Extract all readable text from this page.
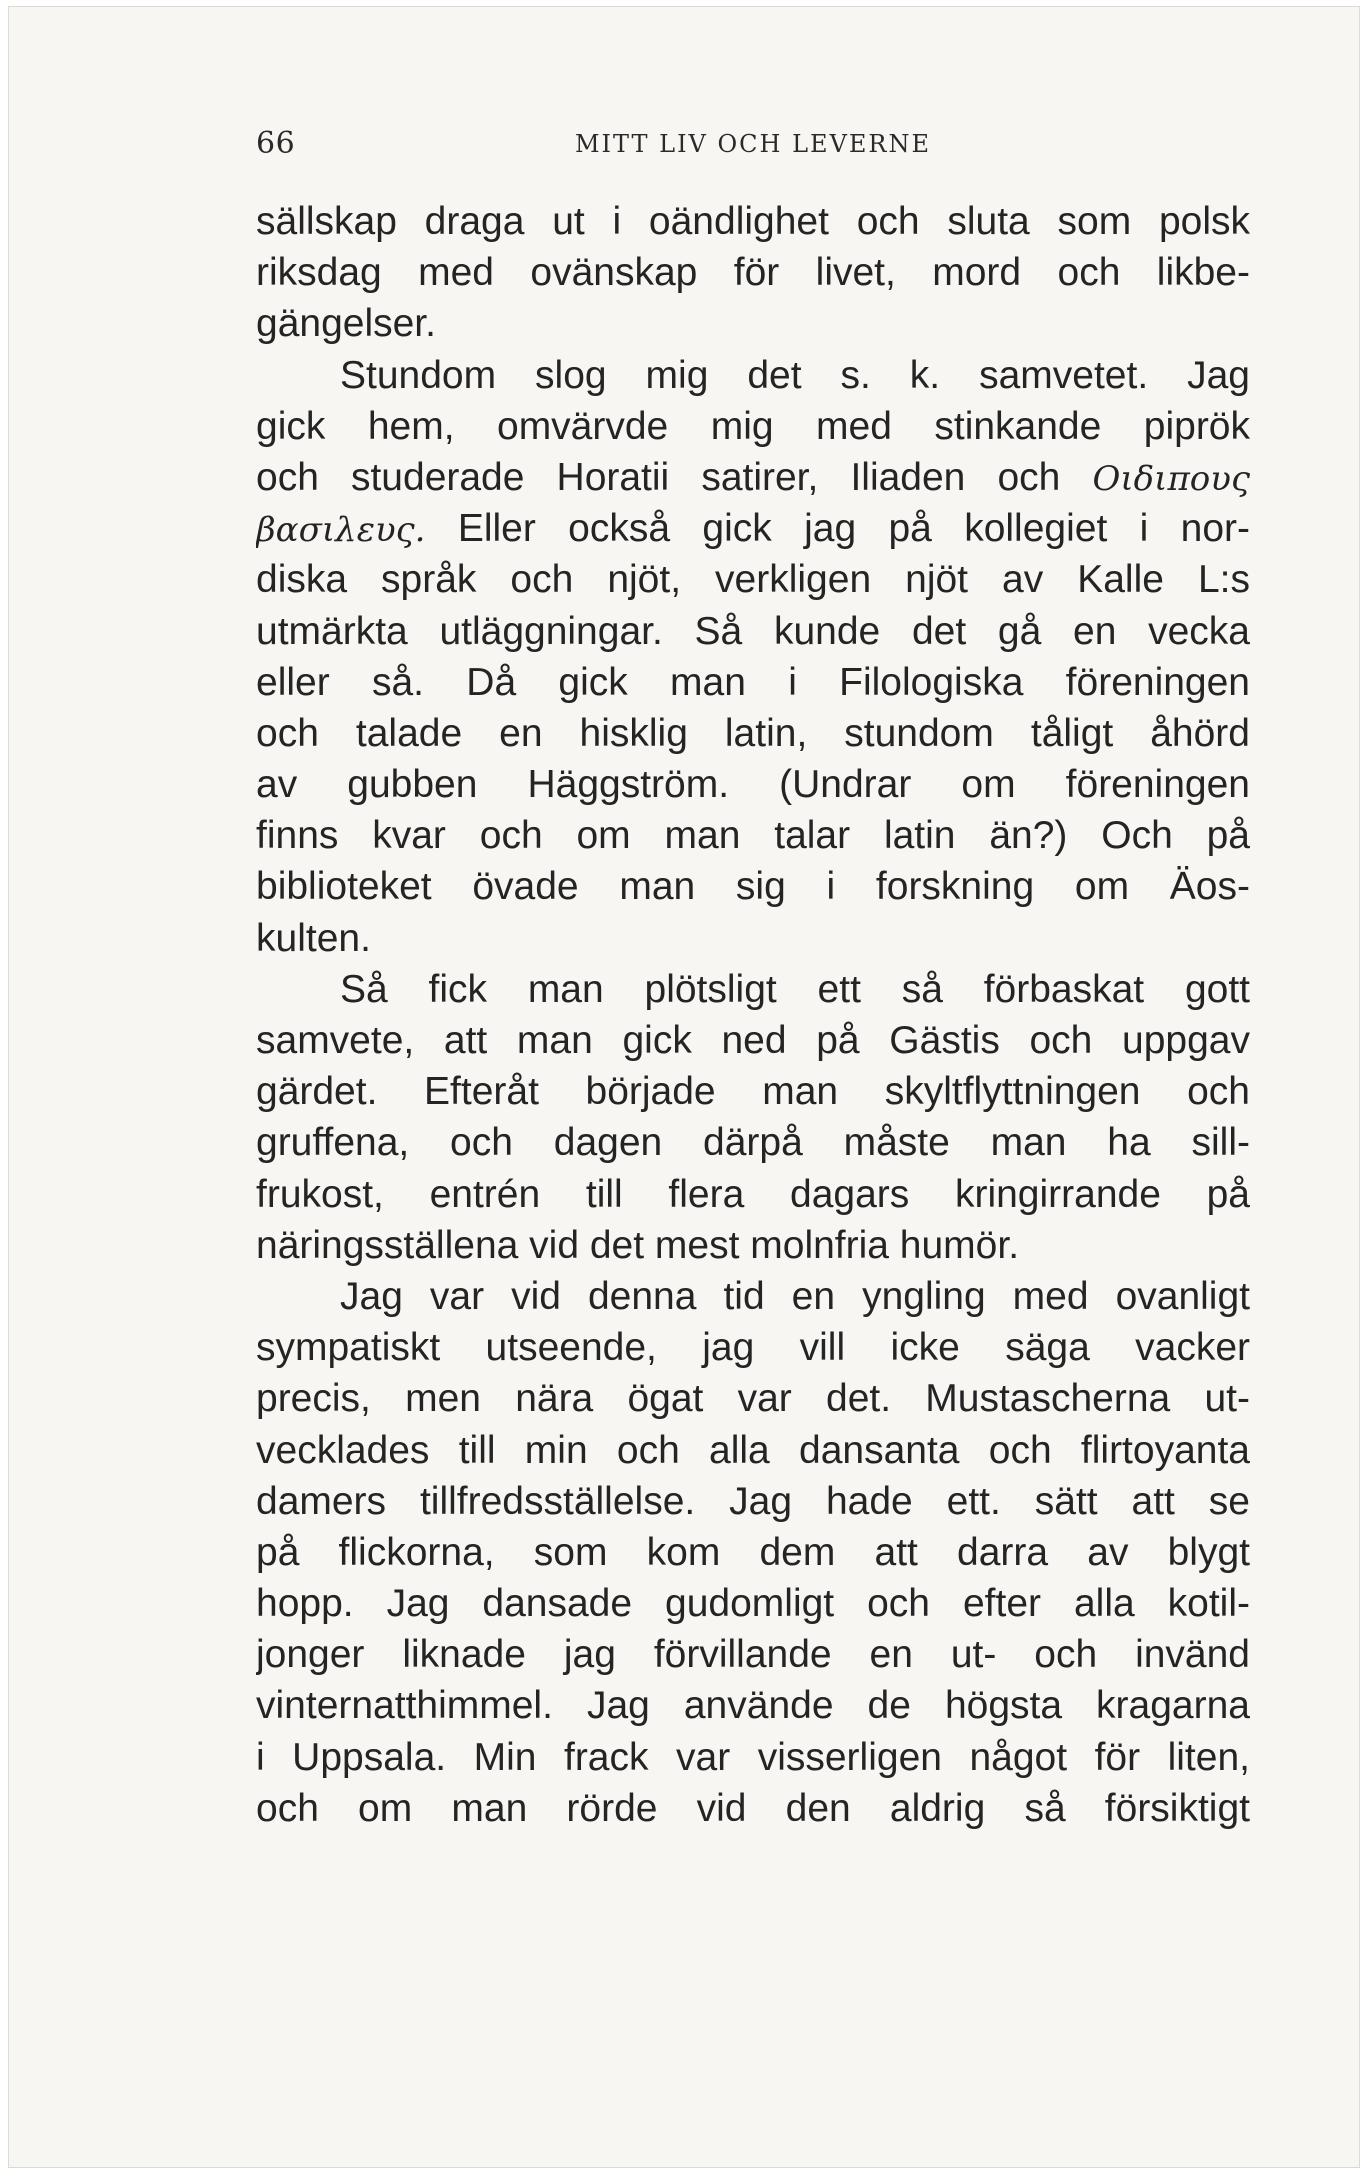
66	MITT LIV OCH LEVERNE
sällskap draga ut i oändlighet och sluta som polsk
riksdag med ovänskap för livet, mord och likbe-
gängelser.
Stundom slog mig det s. k. samvetet. Jag
gick hem, omvärvde mig med stinkande piprök
och studerade Horatii satirer, Iliaden och Οιδιπους
βασιλευς. Eller också gick jag på kollegiet i nor-
diska språk och njöt, verkligen njöt av Kalle L:s
utmärkta utläggningar. Så kunde det gå en vecka
eller så. Då gick man i Filologiska föreningen
och talade en hisklig latin, stundom tåligt åhörd
av gubben Häggström. (Undrar om föreningen
finns kvar och om man talar latin än?) Och på
biblioteket övade man sig i forskning om Äos-
kulten.
Så fick man plötsligt ett så förbaskat gott
samvete, att man gick ned på Gästis och uppgav
gärdet. Efteråt började man skyltflyttningen och
gruffena, och dagen därpå måste man ha sill-
frukost, entrén till flera dagars kringirrande på
näringsställena vid det mest molnfria humör.
Jag var vid denna tid en yngling med ovanligt
sympatiskt utseende, jag vill icke säga vacker
precis, men nära ögat var det. Mustascherna ut-
vecklades till min och alla dansanta och flirtoyanta
damers tillfredsställelse. Jag hade ett. sätt att se
på flickorna, som kom dem att darra av blygt
hopp. Jag dansade gudomligt och efter alla kotil-
jonger liknade jag förvillande en ut- och invänd
vinternatthimmel. Jag använde de högsta kragarna
i Uppsala. Min frack var visserligen något för liten,
och om man rörde vid den aldrig så försiktigt
